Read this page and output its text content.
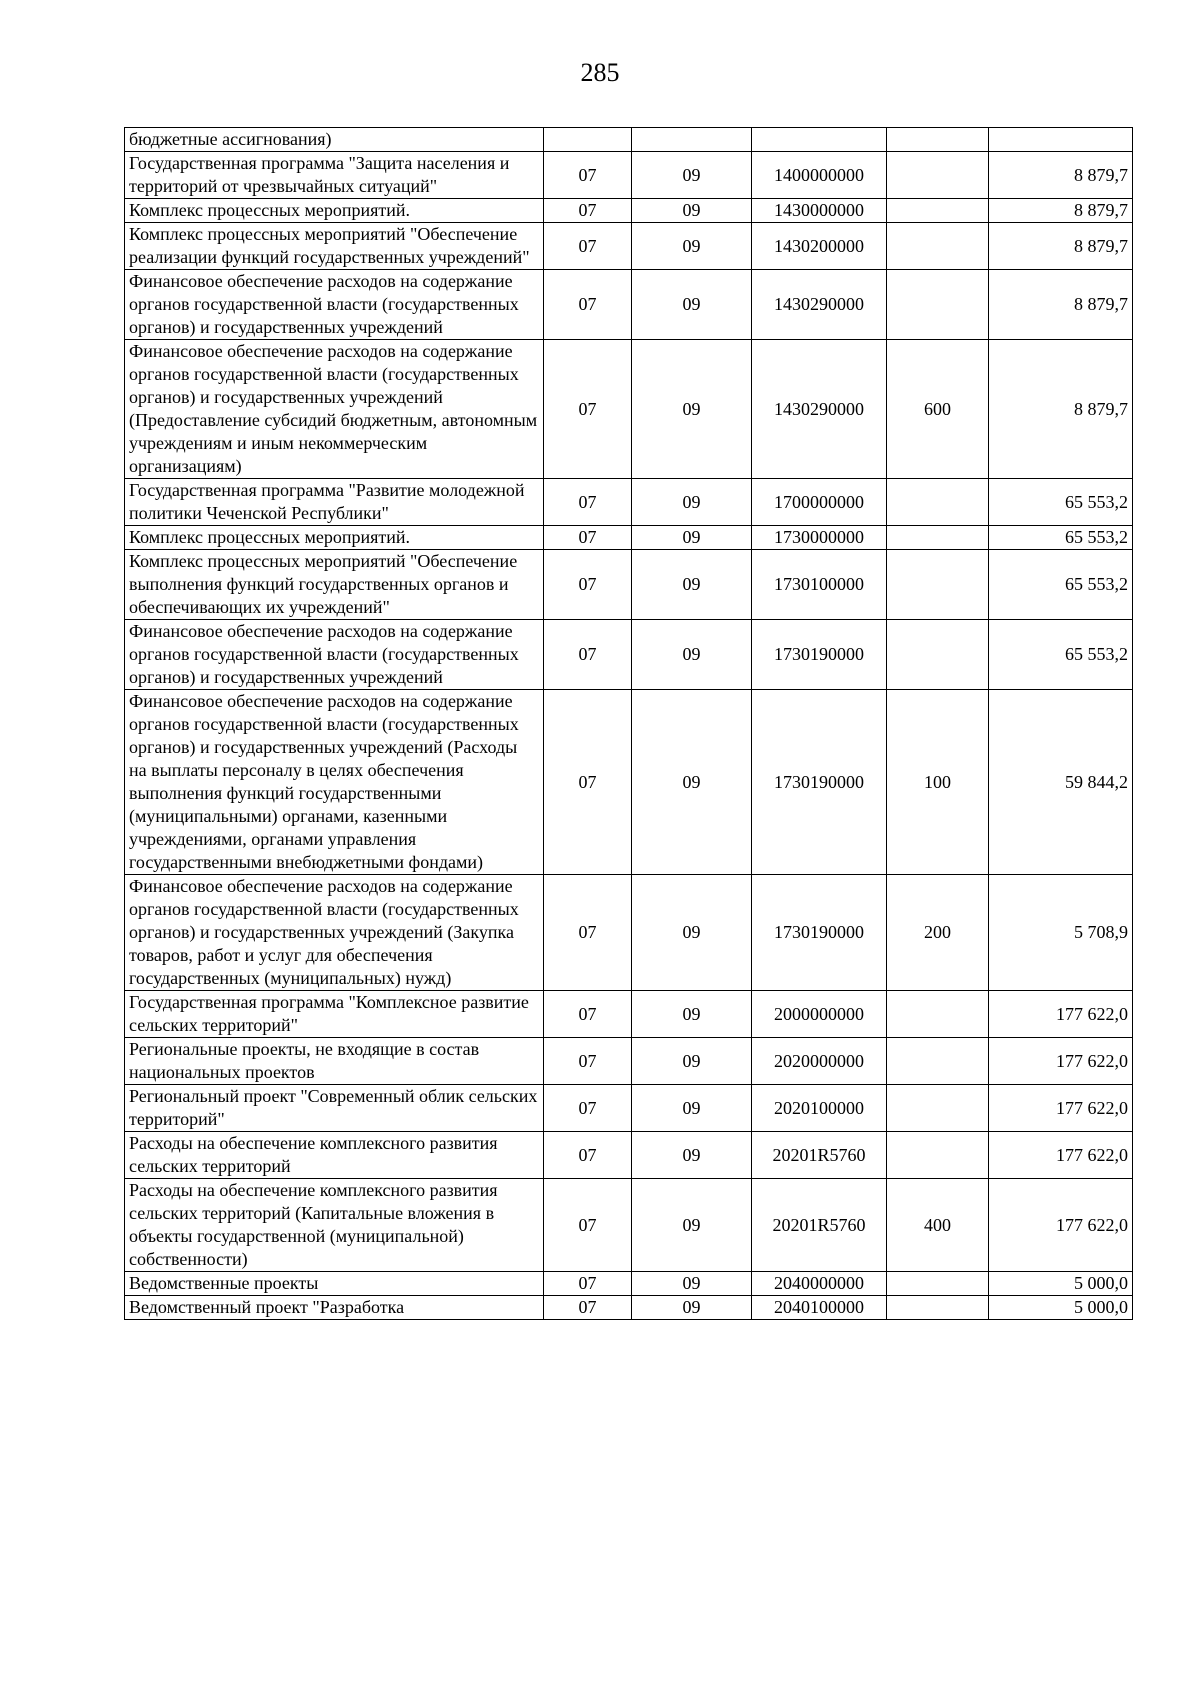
285
бюджетные ассигнования)					
Государственная программа "Защита населения и территорий от чрезвычайных ситуаций"	07	09	1400000000		8 879,7
Комплекс процессных мероприятий.	07	09	1430000000		8 879,7
Комплекс процессных мероприятий "Обеспечение реализации функций государственных учреждений"	07	09	1430200000		8 879,7
Финансовое обеспечение расходов на содержание органов государственной власти (государственных органов) и государственных учреждений	07	09	1430290000		8 879,7
Финансовое обеспечение расходов на содержание органов государственной власти (государственных органов) и государственных учреждений (Предоставление субсидий бюджетным, автономным учреждениям и иным некоммерческим организациям)	07	09	1430290000	600	8 879,7
Государственная программа "Развитие молодежной политики Чеченской Республики"	07	09	1700000000		65 553,2
Комплекс процессных мероприятий.	07	09	1730000000		65 553,2
Комплекс процессных мероприятий "Обеспечение выполнения функций государственных органов и обеспечивающих их учреждений"	07	09	1730100000		65 553,2
Финансовое обеспечение расходов на содержание органов государственной власти (государственных органов) и государственных учреждений	07	09	1730190000		65 553,2
Финансовое обеспечение расходов на содержание органов государственной власти (государственных органов) и государственных учреждений (Расходы на выплаты персоналу в целях обеспечения выполнения функций государственными (муниципальными) органами, казенными учреждениями, органами управления государственными внебюджетными фондами)	07	09	1730190000	100	59 844,2
Финансовое обеспечение расходов на содержание органов государственной власти (государственных органов) и государственных учреждений (Закупка товаров, работ и услуг для обеспечения государственных (муниципальных) нужд)	07	09	1730190000	200	5 708,9
Государственная программа "Комплексное развитие сельских территорий"	07	09	2000000000		177 622,0
Региональные проекты, не входящие в состав национальных проектов	07	09	2020000000		177 622,0
Региональный проект "Современный облик сельских территорий"	07	09	2020100000		177 622,0
Расходы на обеспечение комплексного развития сельских территорий	07	09	20201R5760		177 622,0
Расходы на обеспечение комплексного развития сельских территорий (Капитальные вложения в объекты государственной (муниципальной) собственности)	07	09	20201R5760	400	177 622,0
Ведомственные проекты	07	09	2040000000		5 000,0
Ведомственный проект "Разработка	07	09	2040100000		5 000,0
